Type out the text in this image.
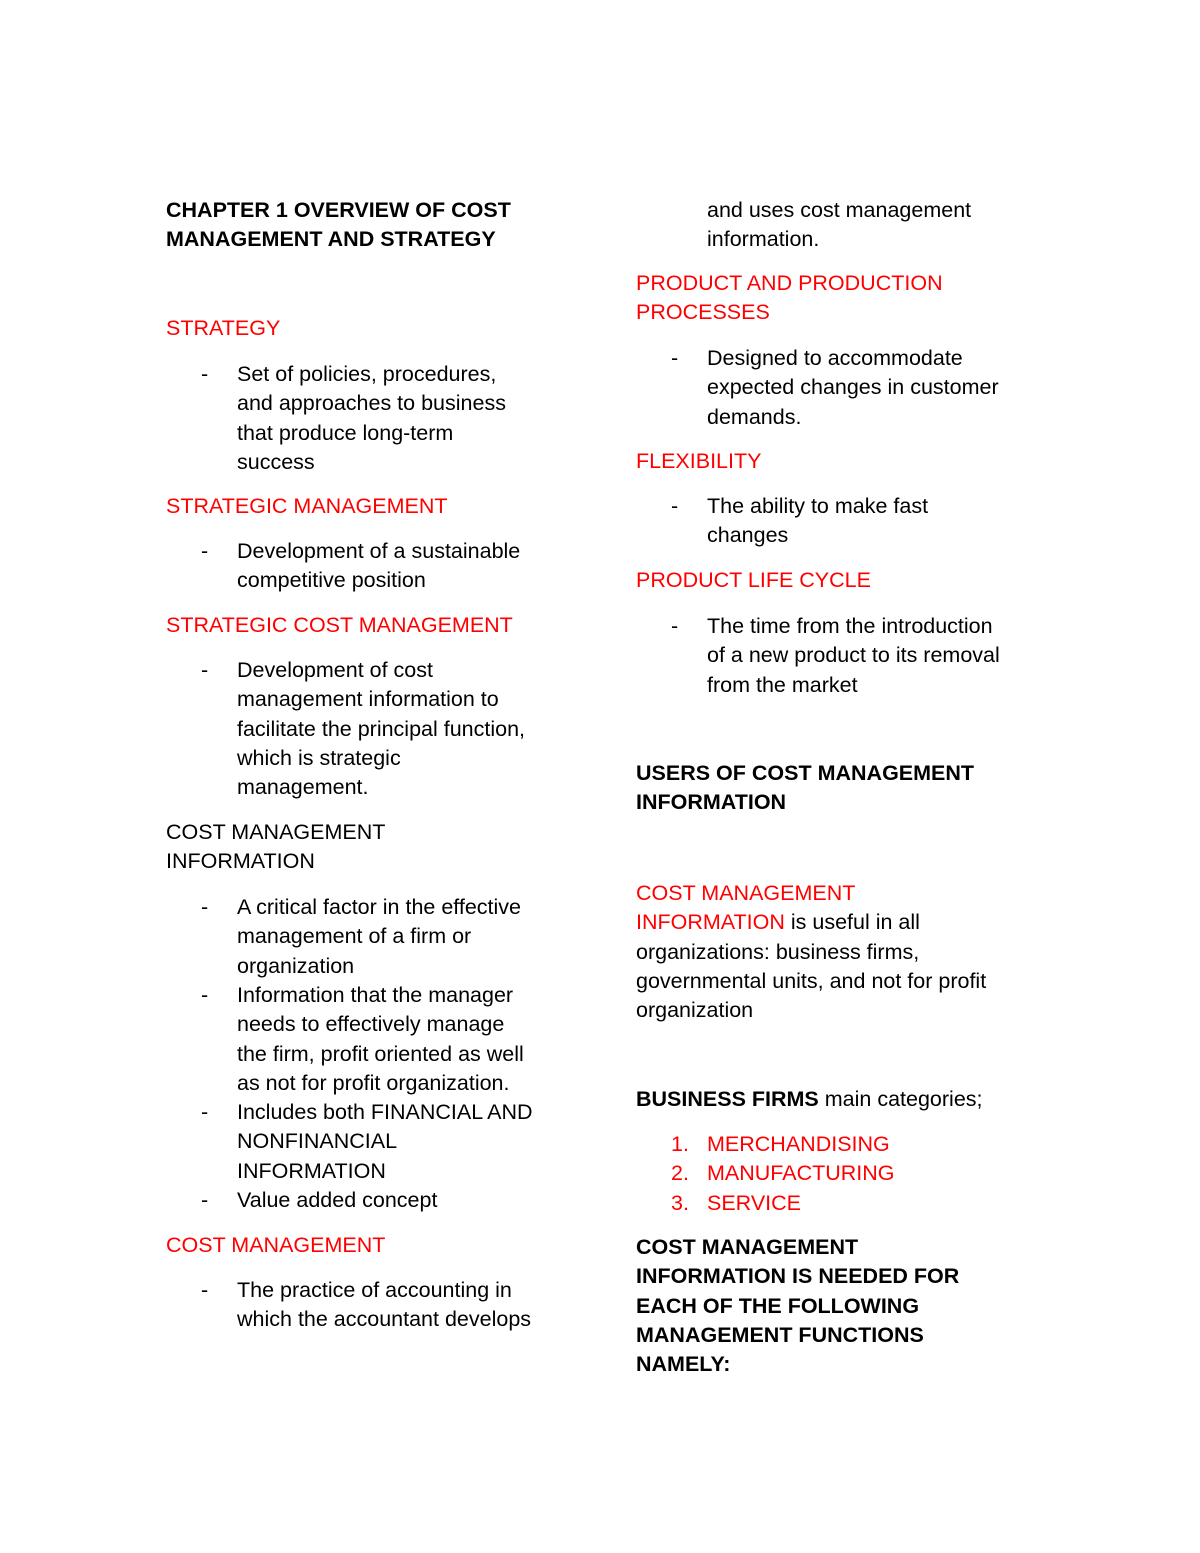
CHAPTER 1 OVERVIEW OF COST
MANAGEMENT AND STRATEGY
STRATEGY
- Set of policies, procedures,
and approaches to business
that produce long-term
success
STRATEGIC MANAGEMENT
- Development of a sustainable
competitive position
STRATEGIC COST MANAGEMENT
- Development of cost
management information to
facilitate the principal function,
which is strategic
management.
COST MANAGEMENT
INFORMATION
- A critical factor in the effective
management of a firm or
organization
- Information that the manager
needs to effectively manage
the firm, profit oriented as well
as not for profit organization.
- Includes both FINANCIAL AND
NONFINANCIAL
INFORMATION
- Value added concept
COST MANAGEMENT
- The practice of accounting in
which the accountant develops
and uses cost management
information.
PRODUCT AND PRODUCTION
PROCESSES
- Designed to accommodate
expected changes in customer
demands.
FLEXIBILITY
- The ability to make fast
changes
PRODUCT LIFE CYCLE
- The time from the introduction
of a new product to its removal
from the market
USERS OF COST MANAGEMENT
INFORMATION
COST MANAGEMENT
INFORMATION is useful in all
organizations: business firms,
governmental units, and not for profit
organization
BUSINESS FIRMS main categories;
1. MERCHANDISING
2. MANUFACTURING
3. SERVICE
COST MANAGEMENT
INFORMATION IS NEEDED FOR
EACH OF THE FOLLOWING
MANAGEMENT FUNCTIONS
NAMELY:
